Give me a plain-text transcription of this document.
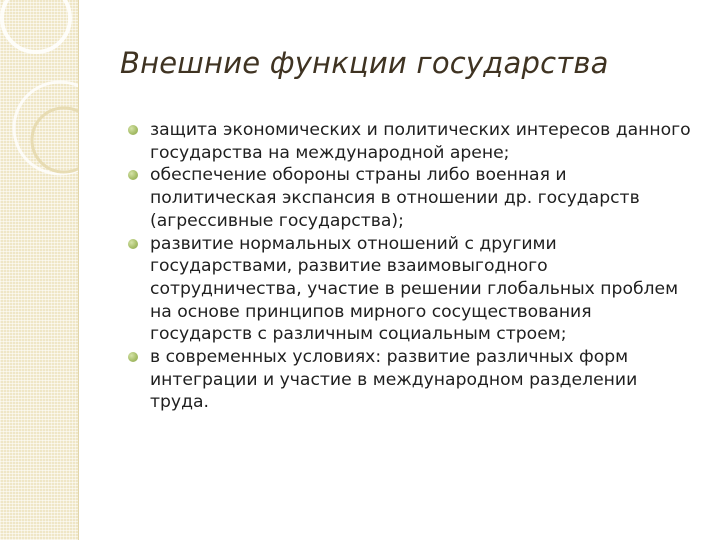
Внешние функции государства
защита экономических и политических интересов данного государства на международной арене;
обеспечение обороны страны либо военная и политическая экспансия в отношении др. государств (агрессивные государства);
развитие нормальных отношений с другими государствами, развитие взаимовыгодного сотрудничества, участие в решении глобальных проблем на основе принципов мирного сосуществования государств с различным социальным строем;
в современных условиях: развитие различных форм интеграции и участие в международном разделении труда.
